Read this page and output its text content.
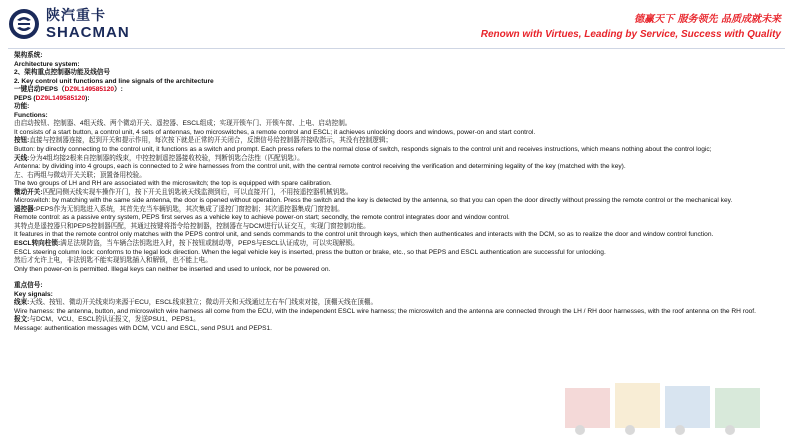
陕汽重卡
SHACMAN
德赢天下 服务领先 品质成就未来
Renown with Virtues, Leading by Service, Success with Quality
架构系统:
Architecture system:
2、架构重点控制器功能及线信号
2. Key control unit functions and line signals of the architecture
一键启动PEPS（DZ9L149585120）:
PEPS (DZ9L149585120):
功能:
Functions:
由启动按钮、控制器、4组天线、两个微动开关、遥控器、ESCL组成；实现开锁车门、开锁车窗、上电、启动控制。
It consists of a start button, a control unit, 4 sets of antennas, two microswitches, a remote control and ESCL; it achieves unlocking doors and windows, power-on and start control.
按钮:直接与控制器连接，起到开关和提示作用，每次按下就是正常的开关闭合，反馈信号给控制器并接收指示，其没有控制逻辑；
Button: by directly connecting to the control unit, it functions as a switch and prompt. Each press refers to the normal close of switch, responds signals to the control unit and receives instructions, which means nothing about the control logic;
天线:分为4组均接2根来自控制器的线束，中控控制遥控器接收校验，判断钥匙合法性（匹配钥匙）。
Antenna: by dividing into 4 groups, each is connected to 2 wire harnesses from the control unit, with the central remote control receiving the verification and determining legality of the key (matched with the key).
左、右两组与微动开关关联；顶置备用校验。
The two groups of LH and RH are associated with the microswitch; the top is equipped with spare calibration.
微动开关:匹配同侧天线实现车操作开门，按下开关且钥匙被天线监测到后，可以直接开门，不用按遥控器机械钥匙。
Microswitch: by matching with the same side antenna, the door is opened without operation. Press the switch and the key is detected by the antenna, so that you can open the door directly without pressing the remote control or the mechanical key.
遥控器:PEPS作为无钥匙进入系统，其首先充当车辆钥匙，其次集成了遥控门窗控制；其次遥控器集成门窗控制。
Remote control: as a passive entry system, PEPS first serves as a vehicle key to achieve power-on start; secondly, the remote control integrates door and window control.
其特点是遥控器只和PEPS控制器匹配，其通过按键将指令给控制器，控制器在与DCM进行认证交互，实现门窗控制功能。
It features in that the remote control only matches with the PEPS control unit, and sends commands to the control unit through keys, which then authenticates and interacts with the DCM, so as to realize the door and window control function.
ESCL转向柱锁:满足法规防盗，当车辆合法钥匙进入时，按下按钮或制动等，PEPS与ESCL认证成功，可以实现解锁。
ESCL steering column lock: conforms to the legal lock direction. When the legal vehicle key is inserted, press the button or brake, etc., so that PEPS and ESCL authentication are successful for unlocking.
然后才允许上电，非法钥匙不能实现钥匙插入和解锁，也不能上电。
Only then power-on is permitted. Illegal keys can neither be inserted and used to unlock, nor be powered on.
重点信号:
Key signals:
线束:天线、按钮、微动开关线束均来源于ECU，ESCL线束独立；微动开关和天线通过左右车门线束对接，顶棚天线在顶棚。
Wire harness: the antenna, button, and microswitch wire harness all come from the ECU, with the independent ESCL wire harness; the microswitch and the antenna are connected through the LH / RH door harnesses, with the roof antenna on the RH roof.
报文:与DCM、VCU、ESCL的认证报文，发送PSU1、PEPS1。
Message: authentication messages with DCM, VCU and ESCL, send PSU1 and PEPS1.
